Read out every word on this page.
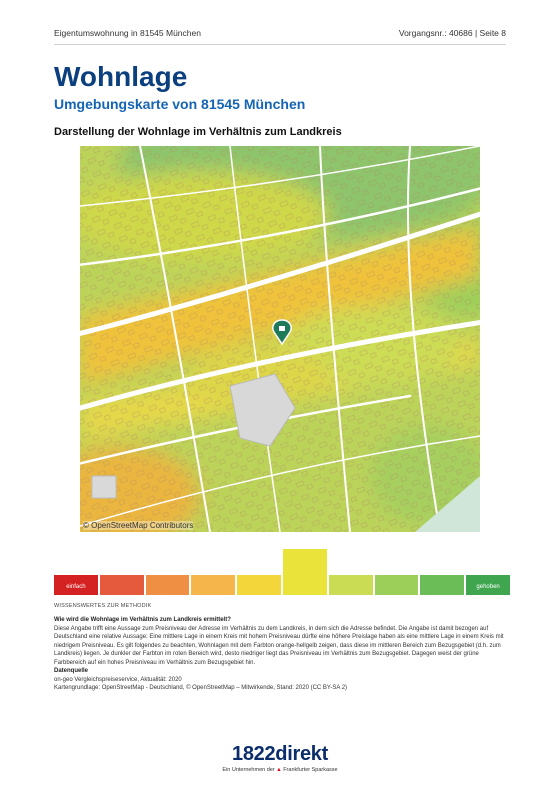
Eigentumswohnung in 81545 München	Vorgangsnr.: 40686 | Seite 8
Wohnlage
Umgebungskarte von 81545 München
Darstellung der Wohnlage im Verhältnis zum Landkreis
© OpenStreetMap Contributors
einfach	gehoben
WISSENSWERTES ZUR METHODIK
Wie wird die Wohnlage im Verhältnis zum Landkreis ermittelt?
Diese Angabe trifft eine Aussage zum Preisniveau der Adresse im Verhältnis zu dem Landkreis, in dem sich die Adresse befindet. Die Angabe ist damit bezogen auf Deutschland eine relative Aussage: Eine mittlere Lage in einem Kreis mit hohem Preisniveau dürfte eine höhere Preislage haben als eine mittlere Lage in einem Kreis mit niedrigem Preisniveau. Es gilt folgendes zu beachten, Wohnlagen mit dem Farbton orange-hellgelb zeigen, dass diese im mittleren Bereich zum Bezugsgebiet (d.h. zum Landkreis) liegen. Je dunkler der Farbton im roten Bereich wird, desto niedriger liegt das Preisniveau im Verhältnis zum Bezugsgebiet. Dagegen weist der grüne Farbbereich auf ein hohes Preisniveau im Verhältnis zum Bezugsgebiet hin.
Datenquelle
on-geo Vergleichspreiseservice, Aktualität: 2020
Kartengrundlage: OpenStreetMap - Deutschland, © OpenStreetMap – Mitwirkende, Stand: 2020 (CC BY-SA 2)
1822direkt
Ein Unternehmen der ▲ Frankfurter Sparkasse
